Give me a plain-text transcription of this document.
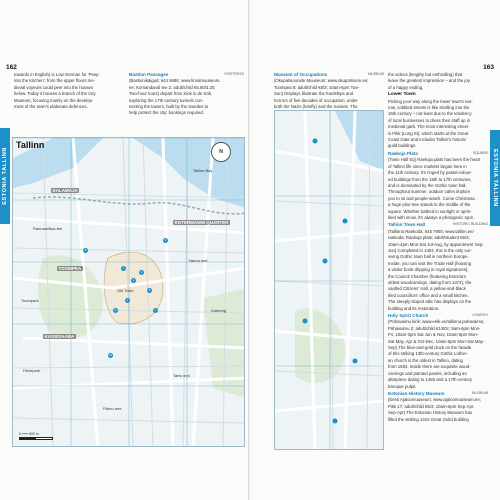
162
ESTONIA TALLINN

towards in English) is Low German for 'Peep

into the Kitchen'; from the upper floors me-

dieval voyeurs could peer into the houses

below. Today it houses a branch of the City

Museum, focusing mainly on the develop-

ment of the town's elaborate defences.

FORTRESS
Bastion Passages

(Bastionikäigud; 644 6686; www.linnamuuseum.

ee; Komandandi tee 2; adult/child €5.80/3.20;

Two-hour tours) depart from Kiek in de Kök,

exploring the 17th-century tunnels con-

necting the towers, built by the Swedes to

help protect the city; bookings required.

Tallinn
N
KALAMAJA
TOOMPEA
KASSISAABA
ROTERMANNI QUARTER
Toompark
Hirvepark
Kadriorg
Old Town
Tallinn Bay
Rannamõisa tee
Pärnu mnt
Narva mnt
Tartu mnt
1
2
3
4
5
6	7
8
9
10
0 ━━━ 500 m
163
ESTONIA TALLINN

MUSEUM
Museum of Occupations

(Okupatsioonide Muuseum; www.okupatsioon.ee;

Toompea 8; adult/child €8/3; 10am-6pm Tue-

Sun) Displays illustrate the hardships and

horrors of five decades of occupation, under

both the Nazis (briefly) and the Soviets. The

the videos (lengthy but enthralling) that

leave the greatest impression – and the joy

of a happy ending.

Lower Town

Picking your way along the lower town's nar-

row, cobbled streets is like strolling into the

15th century – not least due to the tendency

of local businesses to dress their staff up in

medieval garb. The most interesting street

is Pikk (Long St), which starts at the Great

Coast Gate and includes Tallinn's historic

guild buildings.

SQUARE
Raekoja Plats

(Town Hall Sq) Raekoja plats has been the heart

of Tallinn life since markets began here in

the 11th century. It's ringed by pastel-colour-

ed buildings from the 15th to 17th centuries,

and is dominated by the Gothic town hall.

Throughout summer, outdoor cafes implore

you to sit and people-watch. Come Christmas,

a huge pine tree stands in the middle of the

square. Whether bathed in sunlight or sprin-

kled with snow, it's always a photogenic spot.

HISTORIC BUILDING
Tallinn Town Hall

(Tallinna Raekoda; 645 7900; www.tallinn.ee/

raekoda; Raekoja plats; adult/student €5/2;

10am-4pm Mon-Sat Jul-Aug, by appointment Sep-

Jun) Completed in 1404, this is the only sur-

viving Gothic town hall in northern Europe.

Inside, you can visit the Trade Hall (housing

a visitor book dripping in royal signatures),

the Council Chamber (featuring Estonia's

oldest woodcarvings, dating from 1374), the

vaulted Citizens' Hall, a yellow-and-black

tiled councillors' office and a small kitchen.

The steeply sloped attic has displays on the

building and its restoration.

CHURCH
Holy Spirit Church

(Pühavaimu kirik; www.eelk.ee/tallinna.puhavaimu;

Pühavaimu 2; adult/child €1/50c; 9am-6pm Mon-

Fri, 10am-3pm Sat Jun & Nov, 10am-5pm Mon-

Sat May, Apr & Oct-Dec, 10am-5pm Mon-Sat May-

Sep) The blue-and-gold clock on the facade

of this striking 13th-century Gothic Luther-

an church is the oldest in Tallinn, dating

from 1684. Inside there are exquisite wood-

carvings and painted panels, including an

altarpiece dating to 1483 and a 17th-century

baroque pulpit.

MUSEUM
Estonian History Museum

(Eesti Ajaloomuuseum; www.ajaloomuuseum.ee;

Pikk 17; adult/child €5/3; 10am-6pm Sep-Apr,

Sep-Apr) The Estonian History Museum has

filled the striking 1410 Great Guild building
